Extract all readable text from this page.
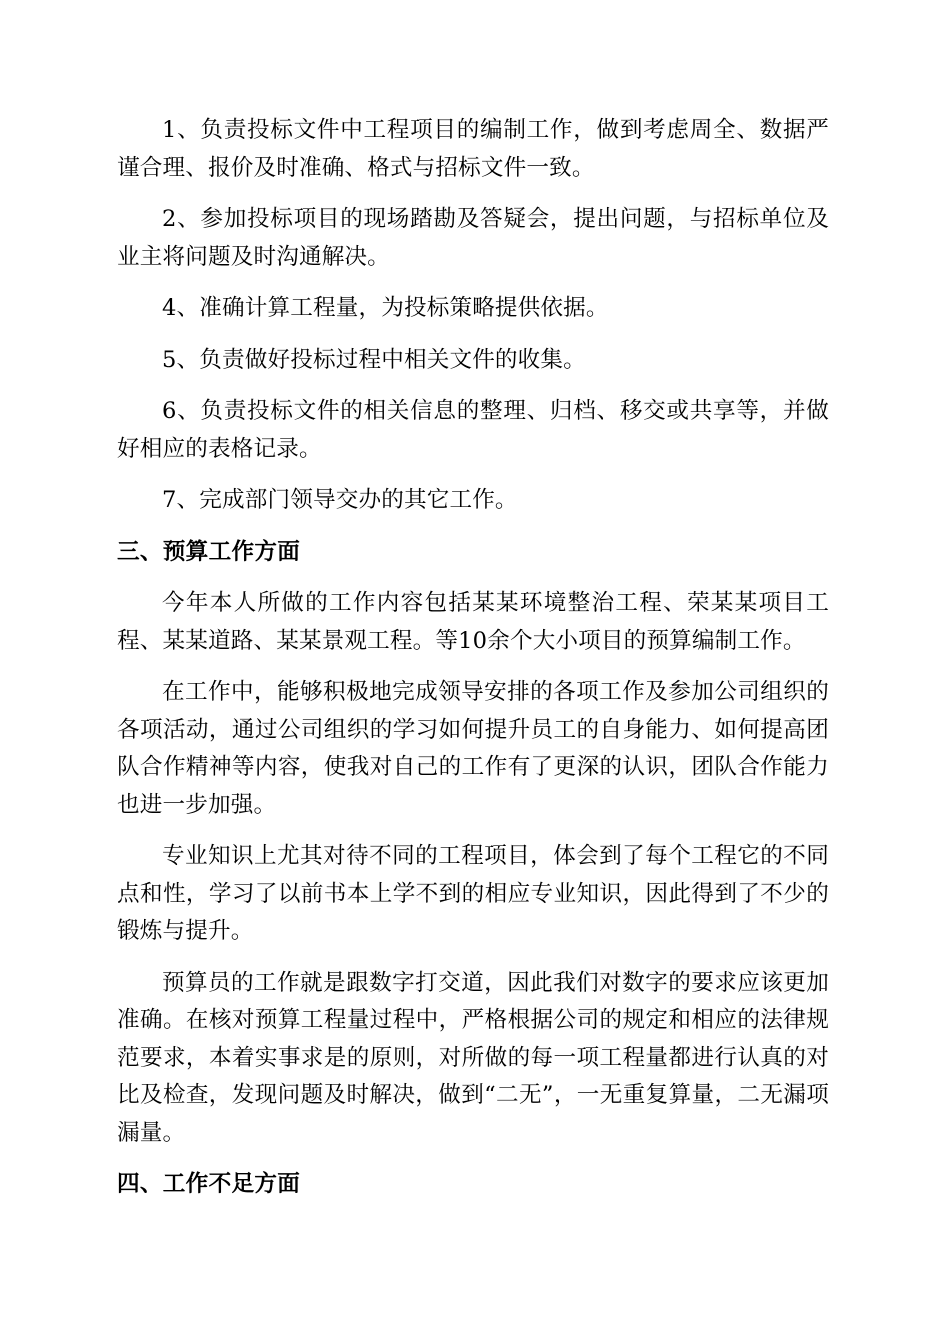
1、负责投标文件中工程项目的编制工作，做到考虑周全、数据严谨合理、报价及时准确、格式与招标文件一致。

2、参加投标项目的现场踏勘及答疑会，提出问题，与招标单位及业主将问题及时沟通解决。

4、准确计算工程量，为投标策略提供依据。

5、负责做好投标过程中相关文件的收集。

6、负责投标文件的相关信息的整理、归档、移交或共享等，并做好相应的表格记录。

7、完成部门领导交办的其它工作。

三、预算工作方面

今年本人所做的工作内容包括某某环境整治工程、荣某某项目工程、某某道路、某某景观工程。等10余个大小项目的预算编制工作。

在工作中，能够积极地完成领导安排的各项工作及参加公司组织的各项活动，通过公司组织的学习如何提升员工的自身能力、如何提高团队合作精神等内容，使我对自己的工作有了更深的认识，团队合作能力也进一步加强。

专业知识上尤其对待不同的工程项目，体会到了每个工程它的不同点和性，学习了以前书本上学不到的相应专业知识，因此得到了不少的锻炼与提升。

预算员的工作就是跟数字打交道，因此我们对数字的要求应该更加准确。在核对预算工程量过程中，严格根据公司的规定和相应的法律规范要求，本着实事求是的原则，对所做的每一项工程量都进行认真的对比及检查，发现问题及时解决，做到“二无”，一无重复算量，二无漏项漏量。

四、工作不足方面
